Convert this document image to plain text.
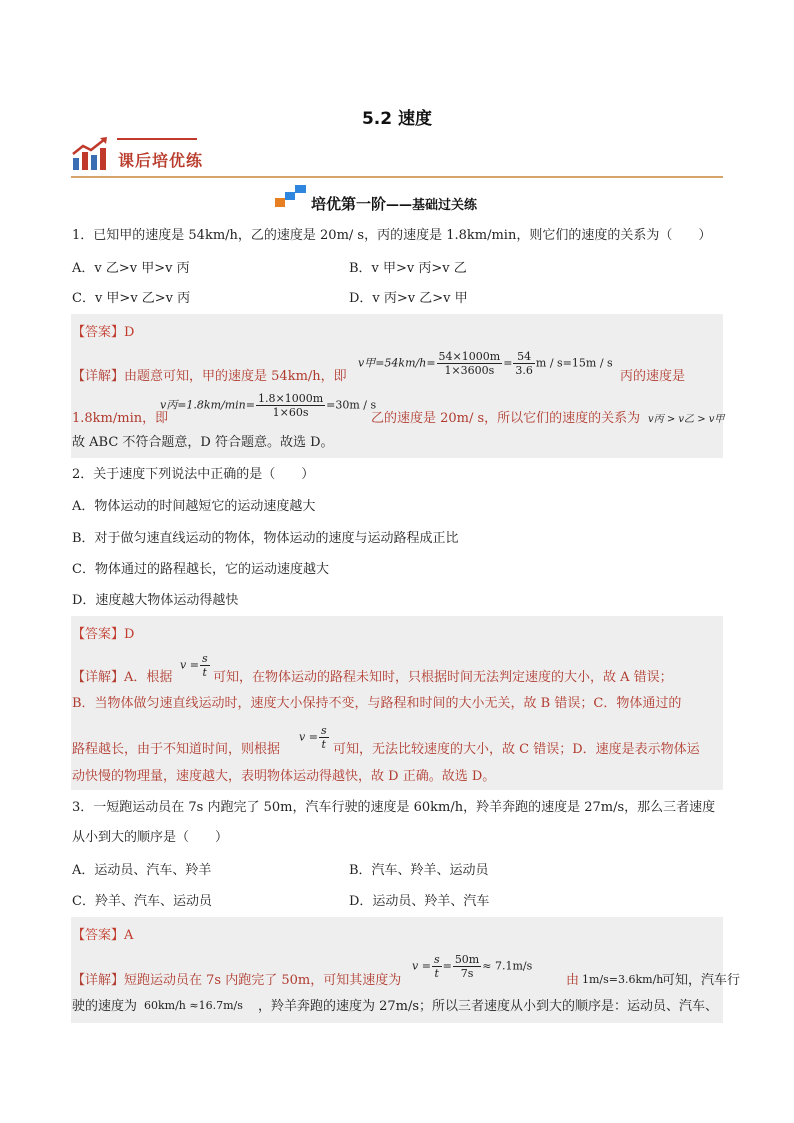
5.2 速度
课后培优练
培优第一阶——基础过关练
1．已知甲的速度是 54km/h，乙的速度是 20m/ s，丙的速度是 1.8km/min，则它们的速度的关系为（　　）
A．v 乙>v 甲>v 丙	B．v 甲>v 丙>v 乙
C．v 甲>v 乙>v 丙	D．v 丙>v 乙>v 甲
【答案】D
【详解】由题意可知，甲的速度是 54km/h，即
v甲$=54km/h= \frac{54\times 1000m}{1\times 3600s} = \frac{54}{3.6}$ m / s=15m / s
丙的速度是
1.8km/min，即
v丙$=1.8km/\min= \frac{1.8\times 1000m}{1\times 60s} =30m / s$
乙的速度是 20m/ s，所以它们的速度的关系为 v丙 > v乙 > v甲
故 ABC 不符合题意，D 符合题意。故选 D。
2．关于速度下列说法中正确的是（　　）
A．物体运动的时间越短它的运动速度越大
B．对于做匀速直线运动的物体，物体运动的速度与运动路程成正比
C．物体通过的路程越长，它的运动速度越大
D．速度越大物体运动得越快
【答案】D
【详解】A．根据
$v = \frac{s}{t}$ 可知，在物体运动的路程未知时，只根据时间无法判定速度的大小，故 A 错误；
B．当物体做匀速直线运动时，速度大小保持不变，与路程和时间的大小无关，故 B 错误；C．物体通过的
路程越长，由于不知道时间，则根据
$v = \frac{s}{t}$ 可知，无法比较速度的大小，故 C 错误；D．速度是表示物体运
动快慢的物理量，速度越大，表明物体运动得越快，故 D 正确。故选 D。
3．一短跑运动员在 7s 内跑完了 50m，汽车行驶的速度是 60km/h，羚羊奔跑的速度是 27m/s，那么三者速度
从小到大的顺序是（　　）
A．运动员、汽车、羚羊	B．汽车、羚羊、运动员
C．羚羊、汽车、运动员	D．运动员、羚羊、汽车
【答案】A
【详解】短跑运动员在 7s 内跑完了 50m，可知其速度为
$v = \frac{s}{t} = \frac{50m}{7s} \approx 7.1m/s$
由 1m/s=3.6km/h
可知，汽车行
驶的速度为 60km/h ≈16.7m/s ，羚羊奔跑的速度为 27m/s；所以三者速度从小到大的顺序是：运动员、汽车、
